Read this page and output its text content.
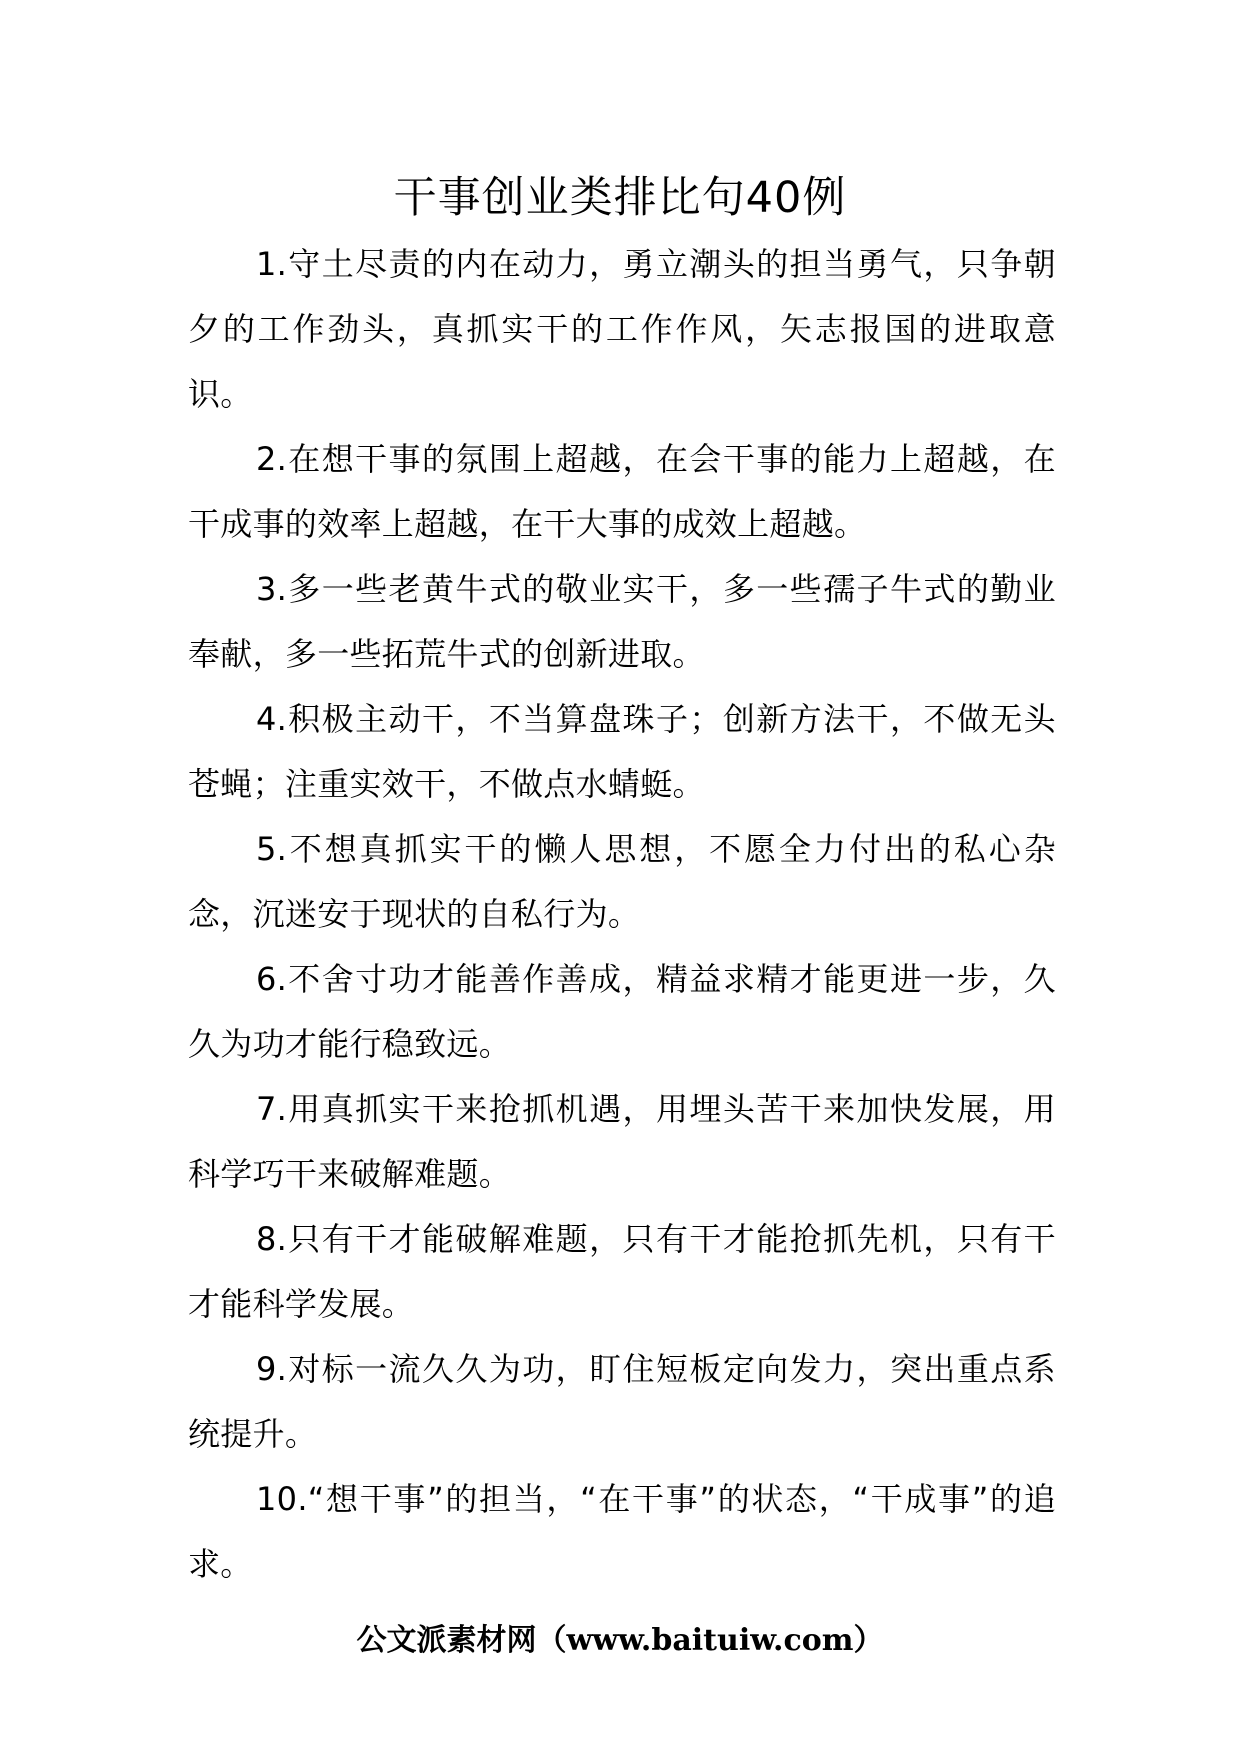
干事创业类排比句40例

1.守土尽责的内在动力，勇立潮头的担当勇气，只争朝夕的工作劲头，真抓实干的工作作风，矢志报国的进取意识。

2.在想干事的氛围上超越，在会干事的能力上超越，在干成事的效率上超越，在干大事的成效上超越。

3.多一些老黄牛式的敬业实干，多一些孺子牛式的勤业奉献，多一些拓荒牛式的创新进取。

4.积极主动干，不当算盘珠子；创新方法干，不做无头苍蝇；注重实效干，不做点水蜻蜓。

5.不想真抓实干的懒人思想，不愿全力付出的私心杂念，沉迷安于现状的自私行为。

6.不舍寸功才能善作善成，精益求精才能更进一步，久久为功才能行稳致远。

7.用真抓实干来抢抓机遇，用埋头苦干来加快发展，用科学巧干来破解难题。

8.只有干才能破解难题，只有干才能抢抓先机，只有干才能科学发展。

9.对标一流久久为功，盯住短板定向发力，突出重点系统提升。

10.“想干事”的担当，“在干事”的状态，“干成事”的追求。

公文派素材网（www.baituiw.com）
